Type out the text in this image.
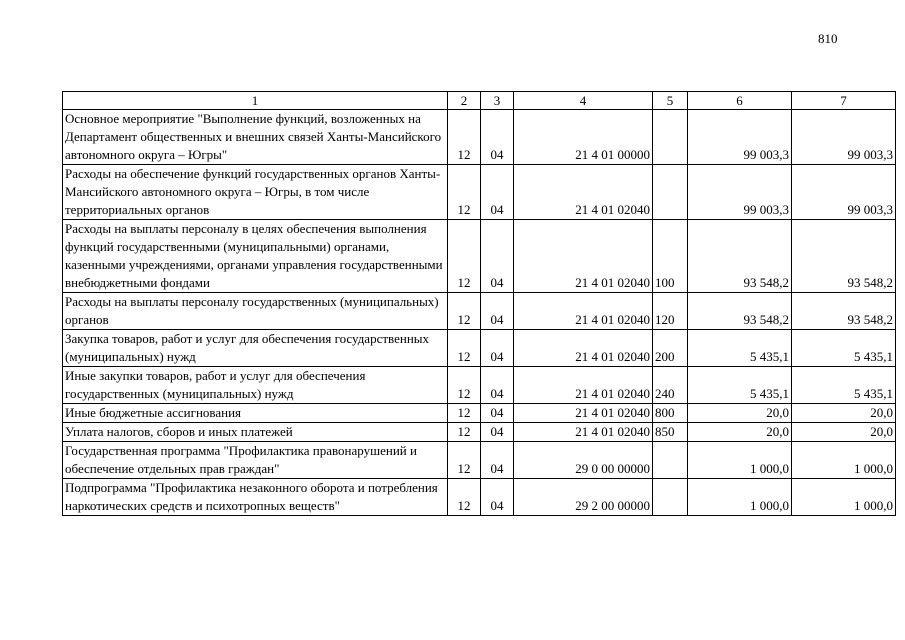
810
1	2	3	4	5	6	7
Основное мероприятие "Выполнение функций, возложенных на Департамент общественных и внешних связей Ханты-Мансийского автономного округа – Югры"	12	04	21 4 01 00000		99 003,3	99 003,3
Расходы на обеспечение функций государственных органов Ханты-Мансийского автономного округа – Югры, в том числе территориальных органов	12	04	21 4 01 02040		99 003,3	99 003,3
Расходы на выплаты персоналу в целях обеспечения выполнения функций государственными (муниципальными) органами, казенными учреждениями, органами управления государственными внебюджетными фондами	12	04	21 4 01 02040	100	93 548,2	93 548,2
Расходы на выплаты персоналу государственных (муниципальных) органов	12	04	21 4 01 02040	120	93 548,2	93 548,2
Закупка товаров, работ и услуг для обеспечения государственных (муниципальных) нужд	12	04	21 4 01 02040	200	5 435,1	5 435,1
Иные закупки товаров, работ и услуг для обеспечения государственных (муниципальных) нужд	12	04	21 4 01 02040	240	5 435,1	5 435,1
Иные бюджетные ассигнования	12	04	21 4 01 02040	800	20,0	20,0
Уплата налогов, сборов и иных платежей	12	04	21 4 01 02040	850	20,0	20,0
Государственная программа "Профилактика правонарушений и обеспечение отдельных прав граждан"	12	04	29 0 00 00000		1 000,0	1 000,0
Подпрограмма "Профилактика незаконного оборота и потребления наркотических средств и психотропных веществ"	12	04	29 2 00 00000		1 000,0	1 000,0
